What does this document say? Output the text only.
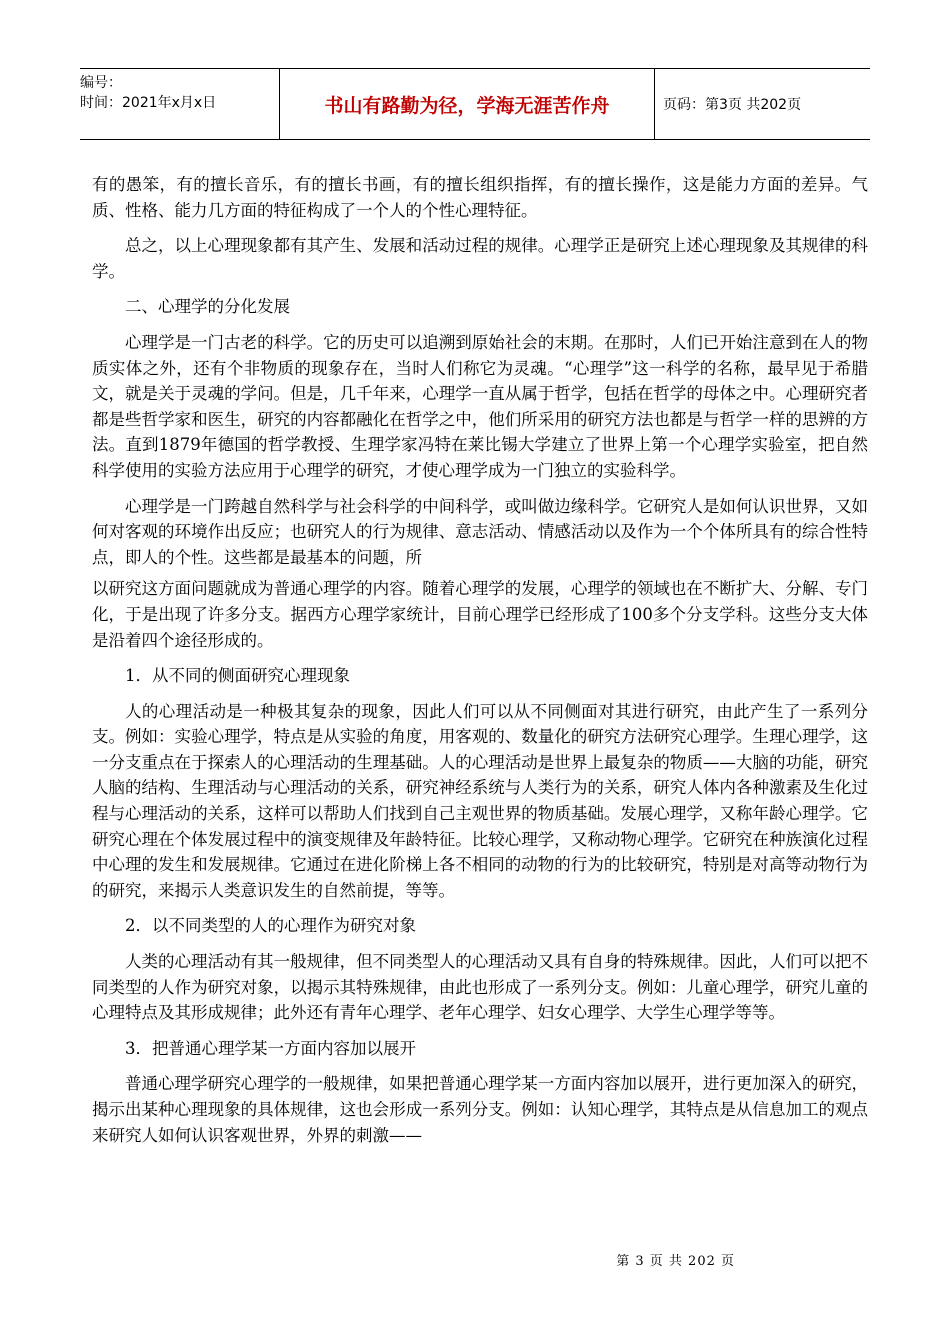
编号：
时间：2021年x月x日	书山有路勤为径，学海无涯苦作舟	页码：第3页 共202页

有的愚笨，有的擅长音乐，有的擅长书画，有的擅长组织指挥，有的擅长操作，这是能力方面的差异。气质、性格、能力几方面的特征构成了一个人的个性心理特征。

总之，以上心理现象都有其产生、发展和活动过程的规律。心理学正是研究上述心理现象及其规律的科学。

二、心理学的分化发展

心理学是一门古老的科学。它的历史可以追溯到原始社会的末期。在那时，人们已开始注意到在人的物质实体之外，还有个非物质的现象存在，当时人们称它为灵魂。“心理学”这一科学的名称，最早见于希腊文，就是关于灵魂的学问。但是，几千年来，心理学一直从属于哲学，包括在哲学的母体之中。心理研究者都是些哲学家和医生，研究的内容都融化在哲学之中，他们所采用的研究方法也都是与哲学一样的思辨的方法。直到1879年德国的哲学教授、生理学家冯特在莱比锡大学建立了世界上第一个心理学实验室，把自然科学使用的实验方法应用于心理学的研究，才使心理学成为一门独立的实验科学。

心理学是一门跨越自然科学与社会科学的中间科学，或叫做边缘科学。它研究人是如何认识世界，又如何对客观的环境作出反应；也研究人的行为规律、意志活动、情感活动以及作为一个个体所具有的综合性特点，即人的个性。这些都是最基本的问题，所

以研究这方面问题就成为普通心理学的内容。随着心理学的发展，心理学的领域也在不断扩大、分解、专门化，于是出现了许多分支。据西方心理学家统计，目前心理学已经形成了100多个分支学科。这些分支大体是沿着四个途径形成的。

1．从不同的侧面研究心理现象

人的心理活动是一种极其复杂的现象，因此人们可以从不同侧面对其进行研究，由此产生了一系列分支。例如：实验心理学，特点是从实验的角度，用客观的、数量化的研究方法研究心理学。生理心理学，这一分支重点在于探索人的心理活动的生理基础。人的心理活动是世界上最复杂的物质——大脑的功能，研究人脑的结构、生理活动与心理活动的关系，研究神经系统与人类行为的关系，研究人体内各种激素及生化过程与心理活动的关系，这样可以帮助人们找到自己主观世界的物质基础。发展心理学，又称年龄心理学。它研究心理在个体发展过程中的演变规律及年龄特征。比较心理学，又称动物心理学。它研究在种族演化过程中心理的发生和发展规律。它通过在进化阶梯上各不相同的动物的行为的比较研究，特别是对高等动物行为的研究，来揭示人类意识发生的自然前提，等等。

2．以不同类型的人的心理作为研究对象

人类的心理活动有其一般规律，但不同类型人的心理活动又具有自身的特殊规律。因此，人们可以把不同类型的人作为研究对象，以揭示其特殊规律，由此也形成了一系列分支。例如：儿童心理学，研究儿童的心理特点及其形成规律；此外还有青年心理学、老年心理学、妇女心理学、大学生心理学等等。

3．把普通心理学某一方面内容加以展开

普通心理学研究心理学的一般规律，如果把普通心理学某一方面内容加以展开，进行更加深入的研究，揭示出某种心理现象的具体规律，这也会形成一系列分支。例如：认知心理学，其特点是从信息加工的观点来研究人如何认识客观世界，外界的刺激——

第 3 页 共 202 页
